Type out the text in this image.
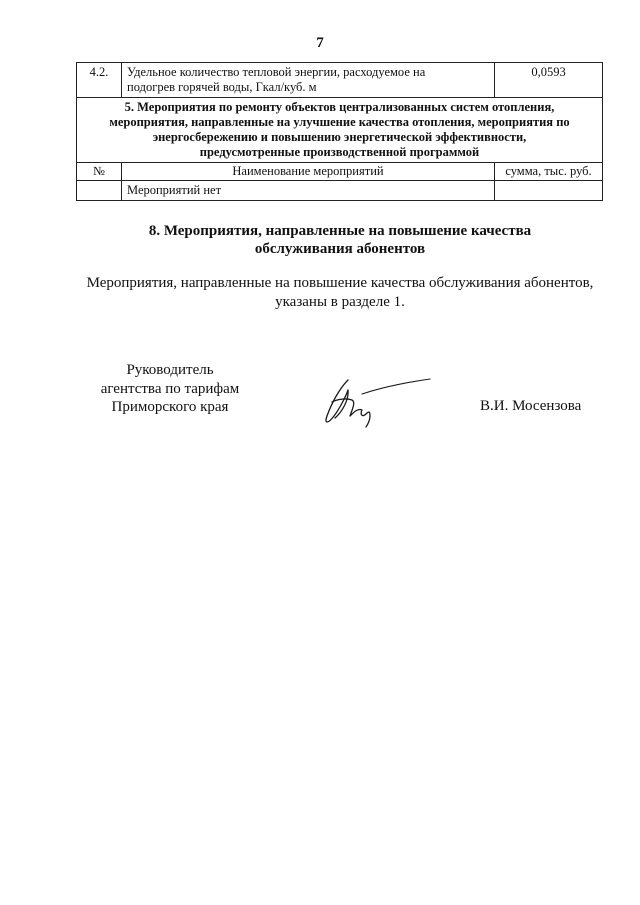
7
4.2.	Удельное количество тепловой энергии, расходуемое на
подогрев горячей воды, Гкал/куб. м	0,0593

5. Мероприятия по ремонту объектов централизованных систем отопления,
мероприятия, направленные на улучшение качества отопления, мероприятия по
энергосбережению и повышению энергетической эффективности,
предусмотренные производственной программой		

№	Наименование мероприятий	сумма, тыс. руб.
	Мероприятий нет	
8. Мероприятия, направленные на повышение качества
обслуживания абонентов
Мероприятия, направленные на повышение качества обслуживания абонентов,
указаны в разделе 1.
Руководитель
агентства по тарифам
Приморского края	В.И. Мосензова
